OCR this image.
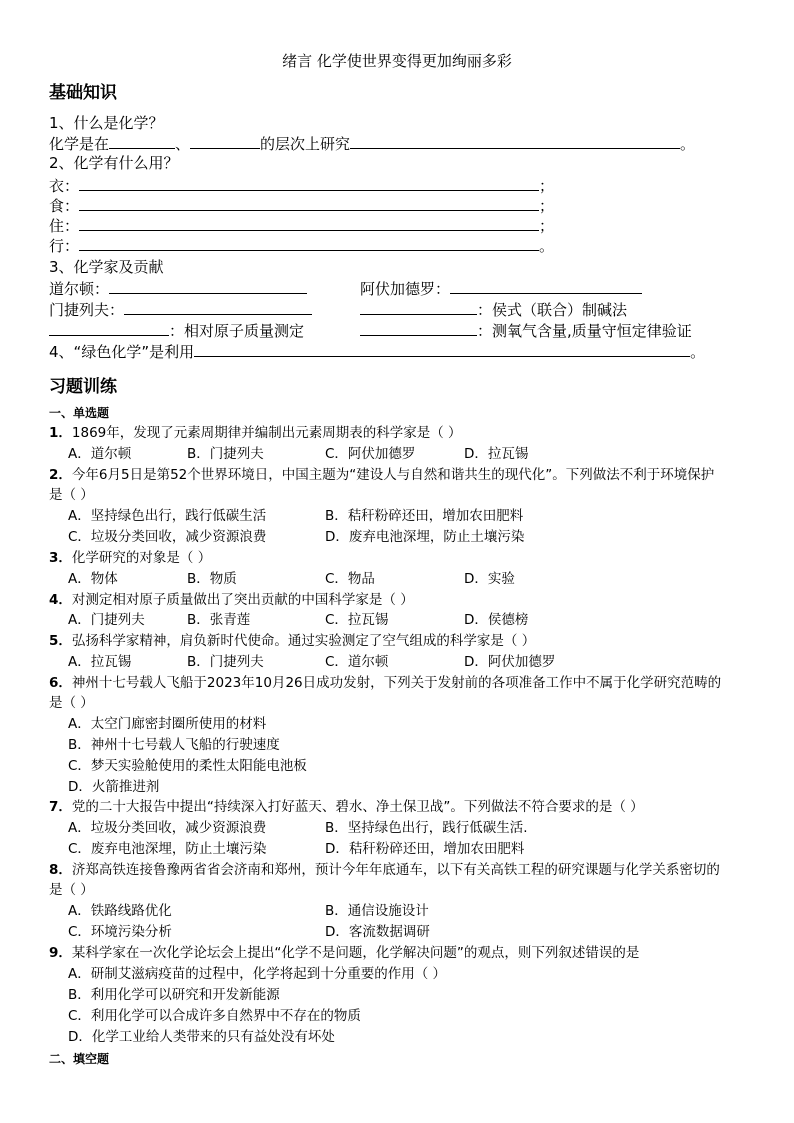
绪言 化学使世界变得更加绚丽多彩
基础知识
1、什么是化学？
化学是在	、	的层次上研究	。
2、化学有什么用？
衣：	；
食：	；
住：	；
行：	。
3、化学家及贡献
道尔顿：	阿伏加德罗：
门捷列夫：	：侯式（联合）制碱法
：相对原子质量测定	：测氧气含量,质量守恒定律验证
4、“绿色化学”是利用	。
习题训练
一、单选题
1．1869年，发现了元素周期律并编制出元素周期表的科学家是（ ）
A．道尔顿	B．门捷列夫	C．阿伏加德罗	D．拉瓦锡
2．今年6月5日是第52个世界环境日，中国主题为“建设人与自然和谐共生的现代化”。下列做法不利于环境保护
是（ ）
A．坚持绿色出行，践行低碳生活	B．秸秆粉碎还田，增加农田肥料
C．垃圾分类回收，减少资源浪费	D．废弃电池深埋，防止土壤污染
3．化学研究的对象是（ ）
A．物体	B．物质	C．物品	D．实验
4．对测定相对原子质量做出了突出贡献的中国科学家是（ ）
A．门捷列夫	B．张青莲	C．拉瓦锡	D．侯德榜
5．弘扬科学家精神，肩负新时代使命。通过实验测定了空气组成的科学家是（ ）
A．拉瓦锡	B．门捷列夫	C．道尔顿	D．阿伏加德罗
6．神州十七号载人飞船于2023年10月26日成功发射，下列关于发射前的各项准备工作中不属于化学研究范畴的
是（ ）
A．太空门廊密封圈所使用的材料
B．神州十七号载人飞船的行驶速度
C．梦天实验舱使用的柔性太阳能电池板
D．火箭推进剂
7．党的二十大报告中提出“持续深入打好蓝天、碧水、净土保卫战”。下列做法不符合要求的是（ ）
A．垃圾分类回收，减少资源浪费	B．坚持绿色出行，践行低碳生活.
C．废弃电池深埋，防止土壤污染	D．秸秆粉碎还田，增加农田肥料
8．济郑高铁连接鲁豫两省省会济南和郑州，预计今年年底通车，以下有关高铁工程的研究课题与化学关系密切的
是（ ）
A．铁路线路优化	B．通信设施设计
C．环境污染分析	D．客流数据调研
9．某科学家在一次化学论坛会上提出“化学不是问题，化学解决问题”的观点，则下列叙述错误的是
A．研制艾滋病疫苗的过程中，化学将起到十分重要的作用（ ）
B．利用化学可以研究和开发新能源
C．利用化学可以合成许多自然界中不存在的物质
D．化学工业给人类带来的只有益处没有坏处
二、填空题
